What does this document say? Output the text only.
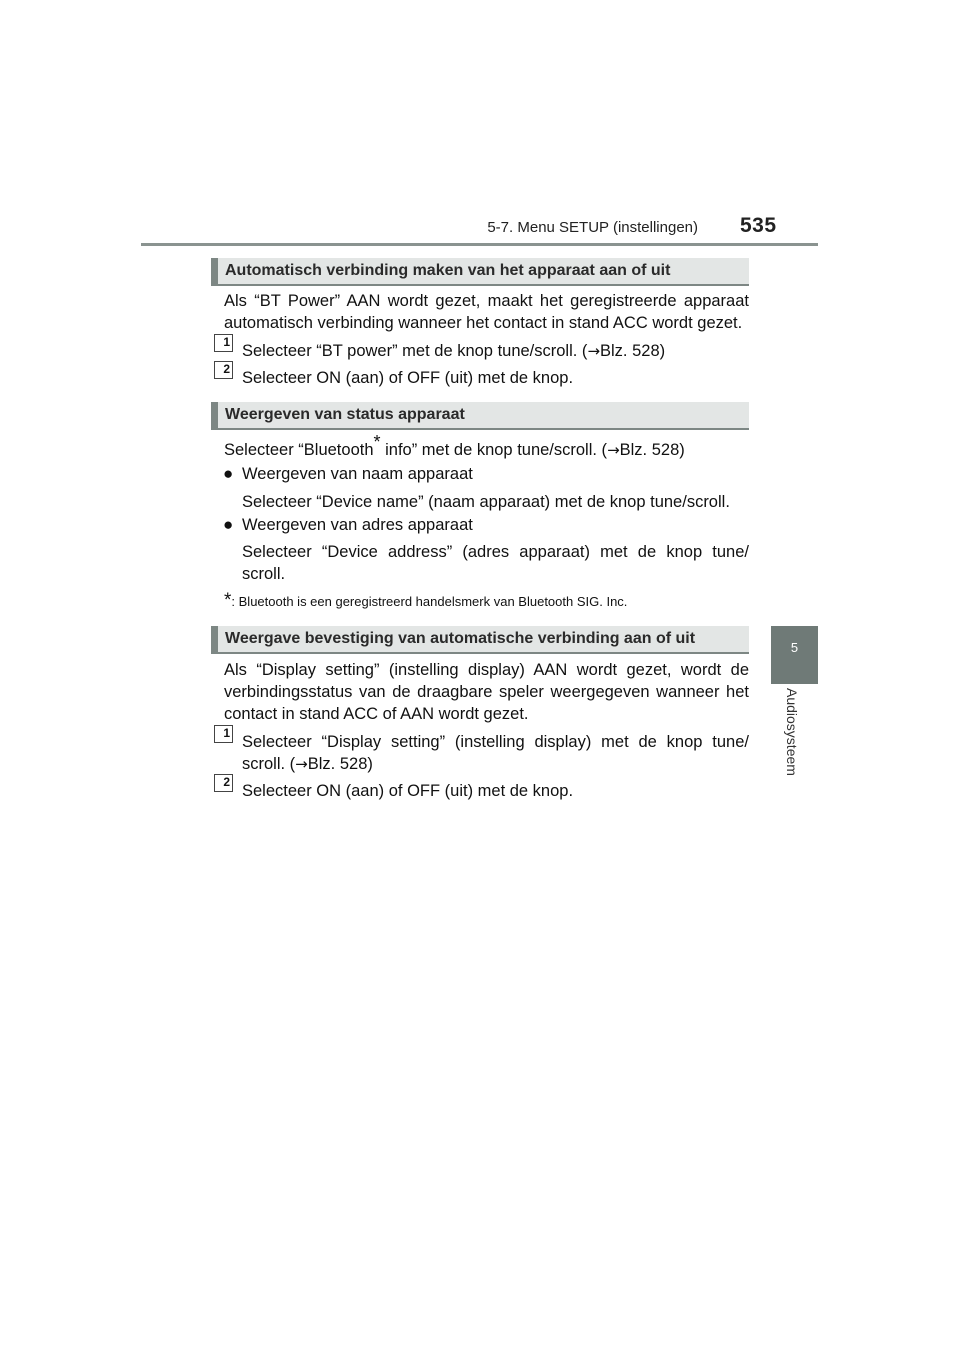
5-7. Menu SETUP (instellingen) 535
5
Audiosysteem
Automatisch verbinding maken van het apparaat aan of uit

Als “BT Power” AAN wordt gezet, maakt het geregistreerde apparaat automatisch verbinding wanneer het contact in stand ACC wordt gezet.

1 Selecteer “BT power” met de knop tune/scroll. (→Blz. 528)
2 Selecteer ON (aan) of OFF (uit) met de knop.
Weergeven van status apparaat

Selecteer “Bluetooth* info” met de knop tune/scroll. (→Blz. 528)

● Weergeven van naam apparaat

Selecteer “Device name” (naam apparaat) met de knop tune/scroll.

● Weergeven van adres apparaat

Selecteer “Device address” (adres apparaat) met de knop tune/ scroll.

*: Bluetooth is een geregistreerd handelsmerk van Bluetooth SIG. Inc.

Weergave bevestiging van automatische verbinding aan of uit

Als “Display setting” (instelling display) AAN wordt gezet, wordt de verbindingsstatus van de draagbare speler weergegeven wanneer het contact in stand ACC of AAN wordt gezet.

1 Selecteer “Display setting” (instelling display) met de knop tune/ scroll. (→Blz. 528)
2 Selecteer ON (aan) of OFF (uit) met de knop.
